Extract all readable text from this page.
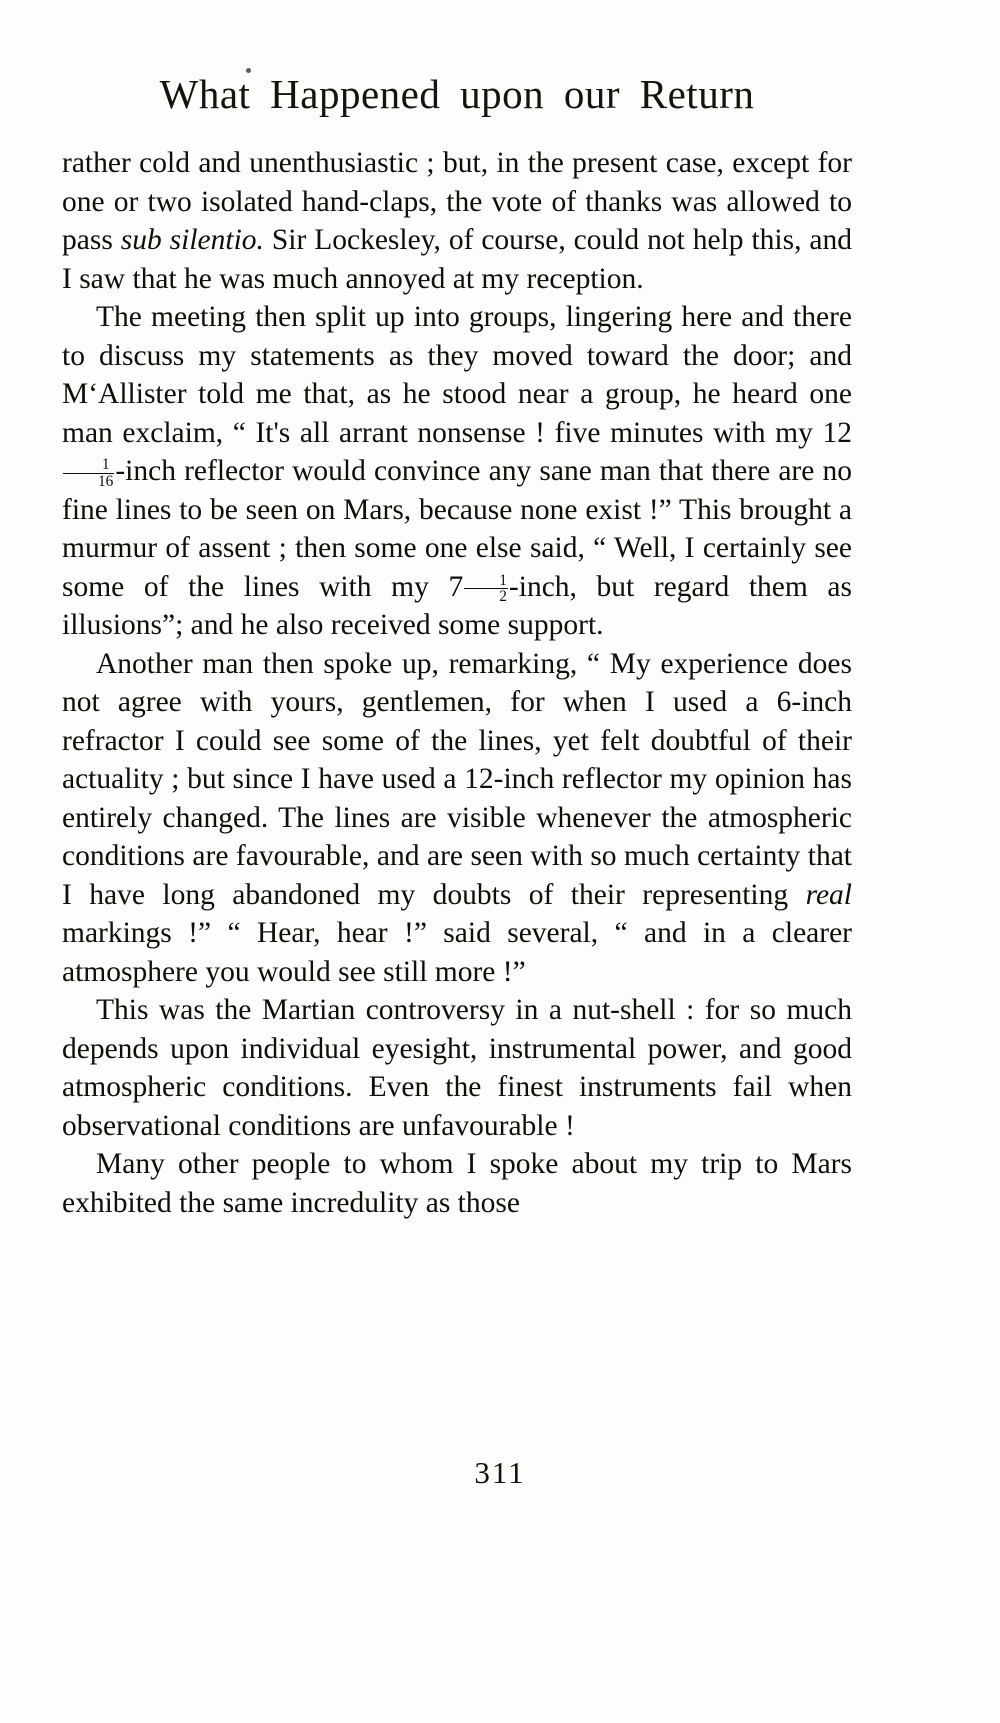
What Happened upon our Return

rather cold and unenthusiastic ; but, in the present case, except for one or two isolated hand-claps, the vote of thanks was allowed to pass sub silentio. Sir Lockesley, of course, could not help this, and I saw that he was much annoyed at my reception.

The meeting then split up into groups, lingering here and there to discuss my statements as they moved toward the door; and M‘Allister told me that, as he stood near a group, he heard one man exclaim, “ It's all arrant nonsense ! five minutes with my 12
$\frac{1}{16}$ -inch reflector would convince any sane man that there are no fine lines to be seen on Mars, because none exist !” This brought a murmur of assent ; then some one else said, “ Well, I certainly see some of the lines with my $7 \frac{1}{2}$ -inch, but regard them as illusions”; and he also received some support.

Another man then spoke up, remarking, “ My experience does not agree with yours, gentlemen, for when I used a 6-inch refractor I could see some of the lines, yet felt doubtful of their actuality ; but since I have used a 12-inch reflector my opinion has entirely changed. The lines are visible whenever the atmospheric conditions are favourable, and are seen with so much certainty that I have long abandoned my doubts of their representing real markings !” “ Hear, hear !” said several, “ and in a clearer atmosphere you would see still more !”

This was the Martian controversy in a nut-shell : for so much depends upon individual eyesight, instrumental power, and good atmospheric conditions. Even the finest instruments fail when observational conditions are unfavourable !

Many other people to whom I spoke about my trip to Mars exhibited the same incredulity as those

311
